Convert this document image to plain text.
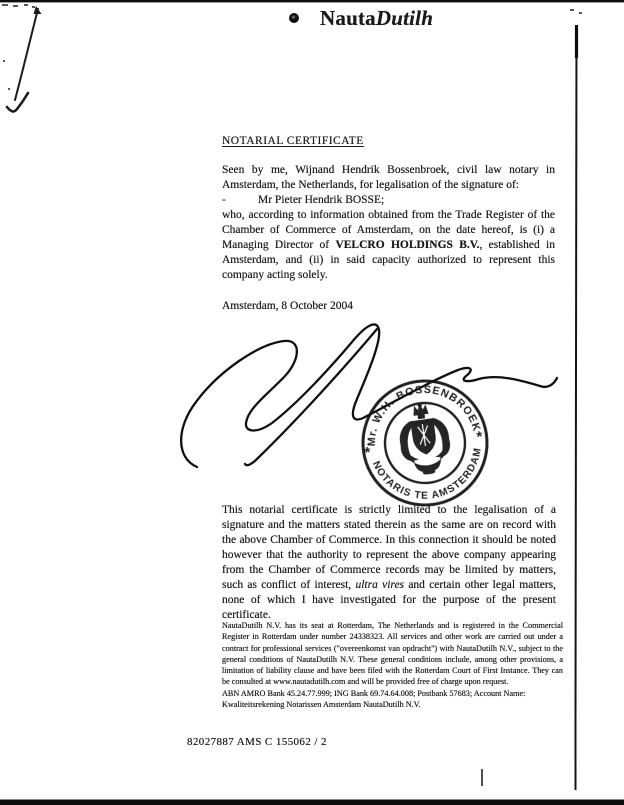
NautaDutilh
NOTARIAL CERTIFICATE
Seen by me, Wijnand Hendrik Bossenbroek, civil law notary in Amsterdam, the Netherlands, for legalisation of the signature of:
-	Mr Pieter Hendrik BOSSE;
who, according to information obtained from the Trade Register of the Chamber of Commerce of Amsterdam, on the date hereof, is (i) a Managing Director of VELCRO HOLDINGS B.V., established in Amsterdam, and (ii) in said capacity authorized to represent this company acting solely.
Amsterdam, 8 October 2004
Mr. W.H. BOSSENBROEK
NOTARIS TE AMSTERDAM
*
*
This notarial certificate is strictly limited to the legalisation of a signature and the matters stated therein as the same are on record with the above Chamber of Commerce. In this connection it should be noted however that the authority to represent the above company appearing from the Chamber of Commerce records may be limited by matters, such as conflict of interest, ultra vires and certain other legal matters, none of which I have investigated for the purpose of the present certificate.
NautaDutilh N.V. has its seat at Rotterdam, The Netherlands and is registered in the Commercial Register in Rotterdam under number 24338323. All services and other work are carried out under a contract for professional services ("overeenkomst van opdracht") with NautaDutilh N.V., subject to the general conditions of NautaDutilh N.V. These general conditions include, among other provisions, a limitation of liability clause and have been filed with the Rotterdam Court of First Instance. They can be consulted at www.nautadutilh.com and will be provided free of charge upon request.
ABN AMRO Bank 45.24.77.999; ING Bank 69.74.64.008; Postbank 57683; Account Name: Kwaliteitsrekening Notarissen Amsterdam NautaDutilh N.V.
82027887 AMS C 155062 / 2
